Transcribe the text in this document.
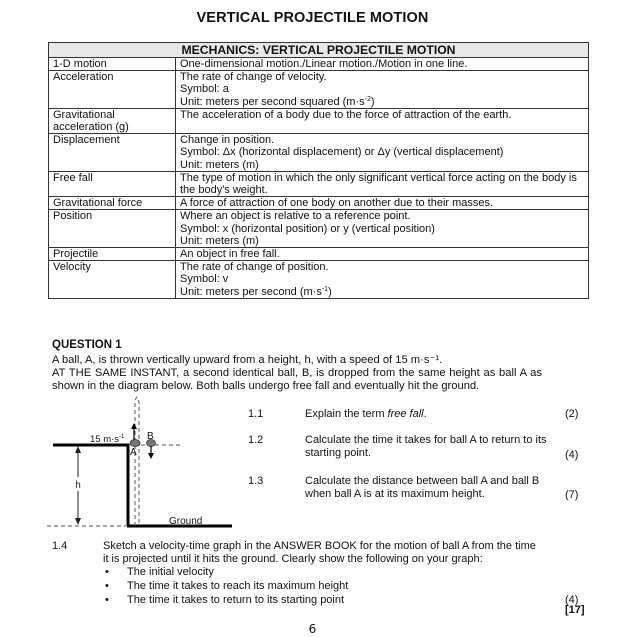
VERTICAL PROJECTILE MOTION
MECHANICS: VERTICAL PROJECTILE MOTION	
1-D motion	One-dimensional motion./Linear motion./Motion in one line.
Acceleration	The rate of change of velocity.
Symbol: a
Unit: meters per second squared $(m\cdot s^{-2})$

Gravitational acceleration (g)	The acceleration of a body due to the force of attraction of the earth.
Displacement	Change in position.
Symbol: Δx (horizontal displacement) or Δy (vertical displacement)
Unit: meters (m)

Free fall	The type of motion in which the only significant vertical force acting on the body is the body's weight.
Gravitational force	A force of attraction of one body on another due to their masses.
Position	Where an object is relative to a reference point.
Symbol: x (horizontal position) or y (vertical position)
Unit: meters (m)

Projectile	An object in free fall.
Velocity	The rate of change of position.
Symbol: v
Unit: meters per second $(m\cdot s^{-1})$
QUESTION 1

A ball, A, is thrown vertically upward from a height, h, with a speed of 15 m·s⁻¹.

AT THE SAME INSTANT, a second identical ball, B, is dropped from the same height as ball A as shown in the diagram below. Both balls undergo free fall and eventually hit the ground.

h
A
B
15 $m\cdot s^{-1}$
Ground
1.1	Explain the term free fall.	(2)
1.2	Calculate the time it takes for ball A to return to its starting point.	(4)
1.3	Calculate the distance between ball A and ball B when ball A is at its maximum height.	(7)
1.4	Sketch a velocity-time graph in the ANSWER BOOK for the motion of ball A from the time it is projected until it hits the ground. Clearly show the following on your graph:
• The initial velocity
• The time it takes to reach its maximum height
• The time it takes to return to its starting point	(4)
[17]
6
